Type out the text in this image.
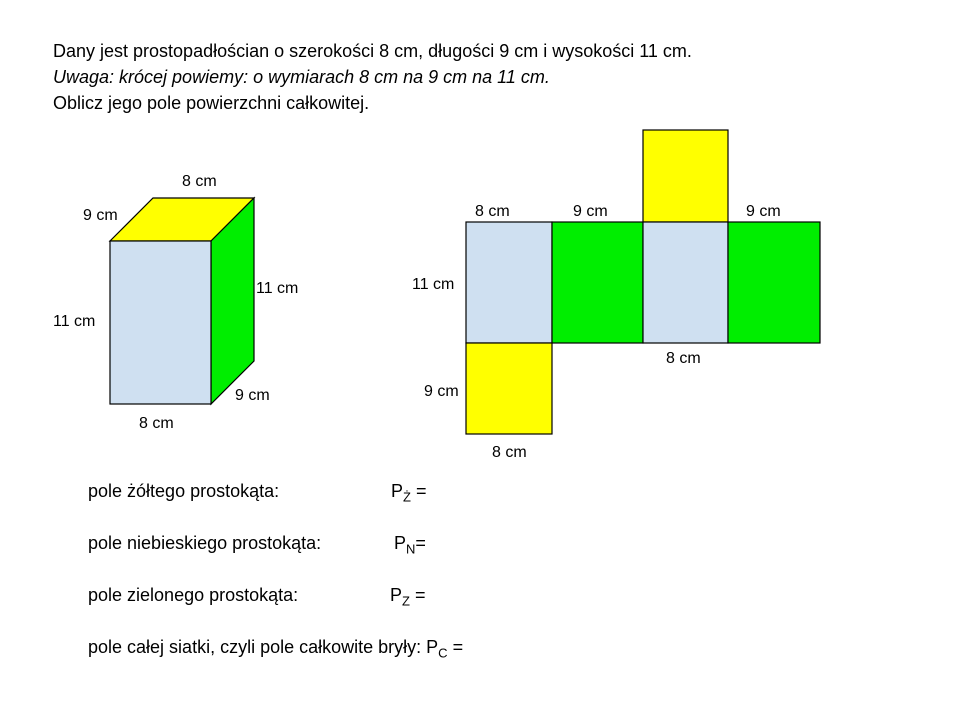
Dany jest prostopadłościan o szerokości 8 cm, długości 9 cm i wysokości 11 cm.
Uwaga: krócej powiemy: o wymiarach 8 cm na 9 cm na 11 cm.
Oblicz jego pole powierzchni całkowitej.
8 cm
9 cm
11 cm
11 cm
9 cm
8 cm
8 cm	9 cm	9 cm
11 cm
8 cm
9 cm
8 cm
pole żółtego prostokąta:	$P_Ż$ =
pole niebieskiego prostokąta:	$P_N=$
pole zielonego prostokąta:	$P_Z$ =
pole całej siatki, czyli pole całkowite bryły: $P_C$ =
